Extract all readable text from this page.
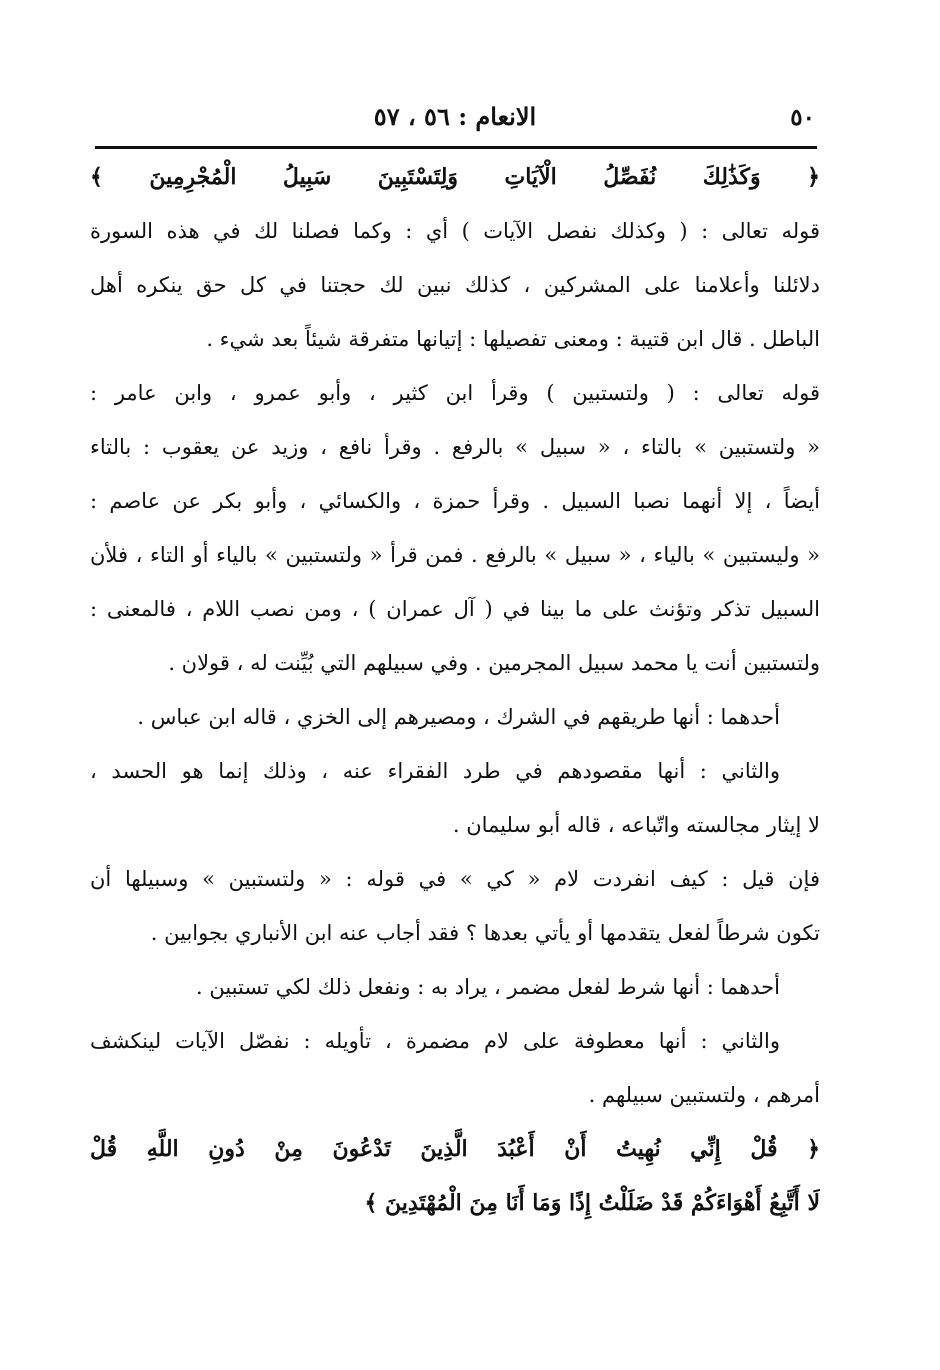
٥٠
الانعام : ٥٦ ، ٥٧
﴿ وَكَذَٰلِكَ نُفَصِّلُ الْآيَاتِ وَلِتَسْتَبِينَ سَبِيلُ الْمُجْرِمِينَ ﴾
قوله تعالى : ( وكذلك نفصل الآيات ) أي : وكما فصلنا لك في هذه السورة
دلائلنا وأعلامنا على المشركين ، كذلك نبين لك حجتنا في كل حق ينكره أهل
الباطل . قال ابن قتيبة : ومعنى تفصيلها : إتيانها متفرقة شيئاً بعد شيء .
قوله تعالى : ( ولتستبين ) وقرأ ابن كثير ، وأبو عمرو ، وابن عامر :
« ولتستبين » بالتاء ، « سبيل » بالرفع . وقرأ نافع ، وزيد عن يعقوب : بالتاء
أيضاً ، إلا أنهما نصبا السبيل . وقرأ حمزة ، والكسائي ، وأبو بكر عن عاصم :
« وليستبين » بالياء ، « سبيل » بالرفع . فمن قرأ « ولتستبين » بالياء أو التاء ، فلأن
السبيل تذكر وتؤنث على ما بينا في ( آل عمران ) ، ومن نصب اللام ، فالمعنى :
ولتستبين أنت يا محمد سبيل المجرمين . وفي سبيلهم التي بُيِّنت له ، قولان .
أحدهما : أنها طريقهم في الشرك ، ومصيرهم إلى الخزي ، قاله ابن عباس .
والثاني : أنها مقصودهم في طرد الفقراء عنه ، وذلك إنما هو الحسد ،
لا إيثار مجالسته واتّباعه ، قاله أبو سليمان .
فإن قيل : كيف انفردت لام « كي » في قوله : « ولتستبين » وسبيلها أن
تكون شرطاً لفعل يتقدمها أو يأتي بعدها ؟ فقد أجاب عنه ابن الأنباري بجوابين .
أحدهما : أنها شرط لفعل مضمر ، يراد به : ونفعل ذلك لكي تستبين .
والثاني : أنها معطوفة على لام مضمرة ، تأويله : نفصّل الآيات لينكشف
أمرهم ، ولتستبين سبيلهم .
﴿ قُلْ إِنِّي نُهِيتُ أَنْ أَعْبُدَ الَّذِينَ تَدْعُونَ مِنْ دُونِ اللَّهِ قُلْ
لَا أَتَّبِعُ أَهْوَاءَكُمْ قَدْ ضَلَلْتُ إِذًا وَمَا أَنَا مِنَ الْمُهْتَدِينَ ﴾
